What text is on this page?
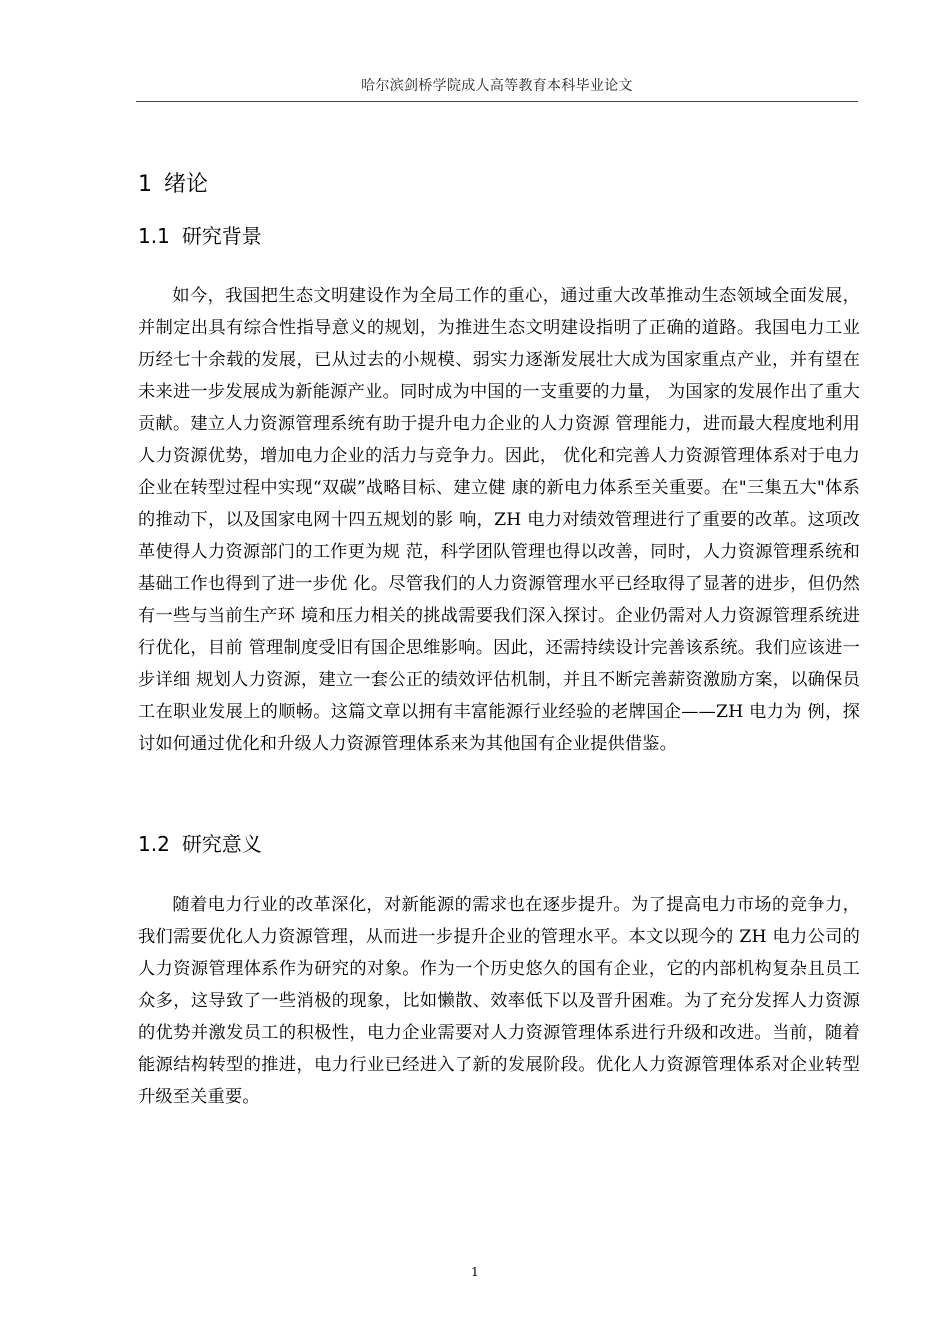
哈尔滨剑桥学院成人高等教育本科毕业论文
1 绪论
1.1 研究背景

如今，我国把生态文明建设作为全局工作的重心，通过重大改革推动生态领域全面发展，并制定出具有综合性指导意义的规划，为推进生态文明建设指明了正确的道路。我国电力工业历经七十余载的发展，已从过去的小规模、弱实力逐渐发展壮大成为国家重点产业，并有望在未来进一步发展成为新能源产业。同时成为中国的一支重要的力量， 为国家的发展作出了重大贡献。建立人力资源管理系统有助于提升电力企业的人力资源 管理能力，进而最大程度地利用人力资源优势，增加电力企业的活力与竞争力。因此， 优化和完善人力资源管理体系对于电力企业在转型过程中实现“双碳”战略目标、建立健 康的新电力体系至关重要。在"三集五大"体系的推动下，以及国家电网十四五规划的影 响，ZH 电力对绩效管理进行了重要的改革。这项改革使得人力资源部门的工作更为规 范，科学团队管理也得以改善，同时，人力资源管理系统和基础工作也得到了进一步优 化。尽管我们的人力资源管理水平已经取得了显著的进步，但仍然有一些与当前生产环 境和压力相关的挑战需要我们深入探讨。企业仍需对人力资源管理系统进行优化，目前 管理制度受旧有国企思维影响。因此，还需持续设计完善该系统。我们应该进一步详细 规划人力资源，建立一套公正的绩效评估机制，并且不断完善薪资激励方案，以确保员 工在职业发展上的顺畅。这篇文章以拥有丰富能源行业经验的老牌国企——ZH 电力为 例，探讨如何通过优化和升级人力资源管理体系来为其他国有企业提供借鉴。

1.2 研究意义

随着电力行业的改革深化，对新能源的需求也在逐步提升。为了提高电力市场的竞争力，我们需要优化人力资源管理，从而进一步提升企业的管理水平。本文以现今的 ZH 电力公司的人力资源管理体系作为研究的对象。作为一个历史悠久的国有企业，它的内部机构复杂且员工众多，这导致了一些消极的现象，比如懒散、效率低下以及晋升困难。为了充分发挥人力资源的优势并激发员工的积极性，电力企业需要对人力资源管理体系进行升级和改进。当前，随着能源结构转型的推进，电力行业已经进入了新的发展阶段。优化人力资源管理体系对企业转型升级至关重要。

1
